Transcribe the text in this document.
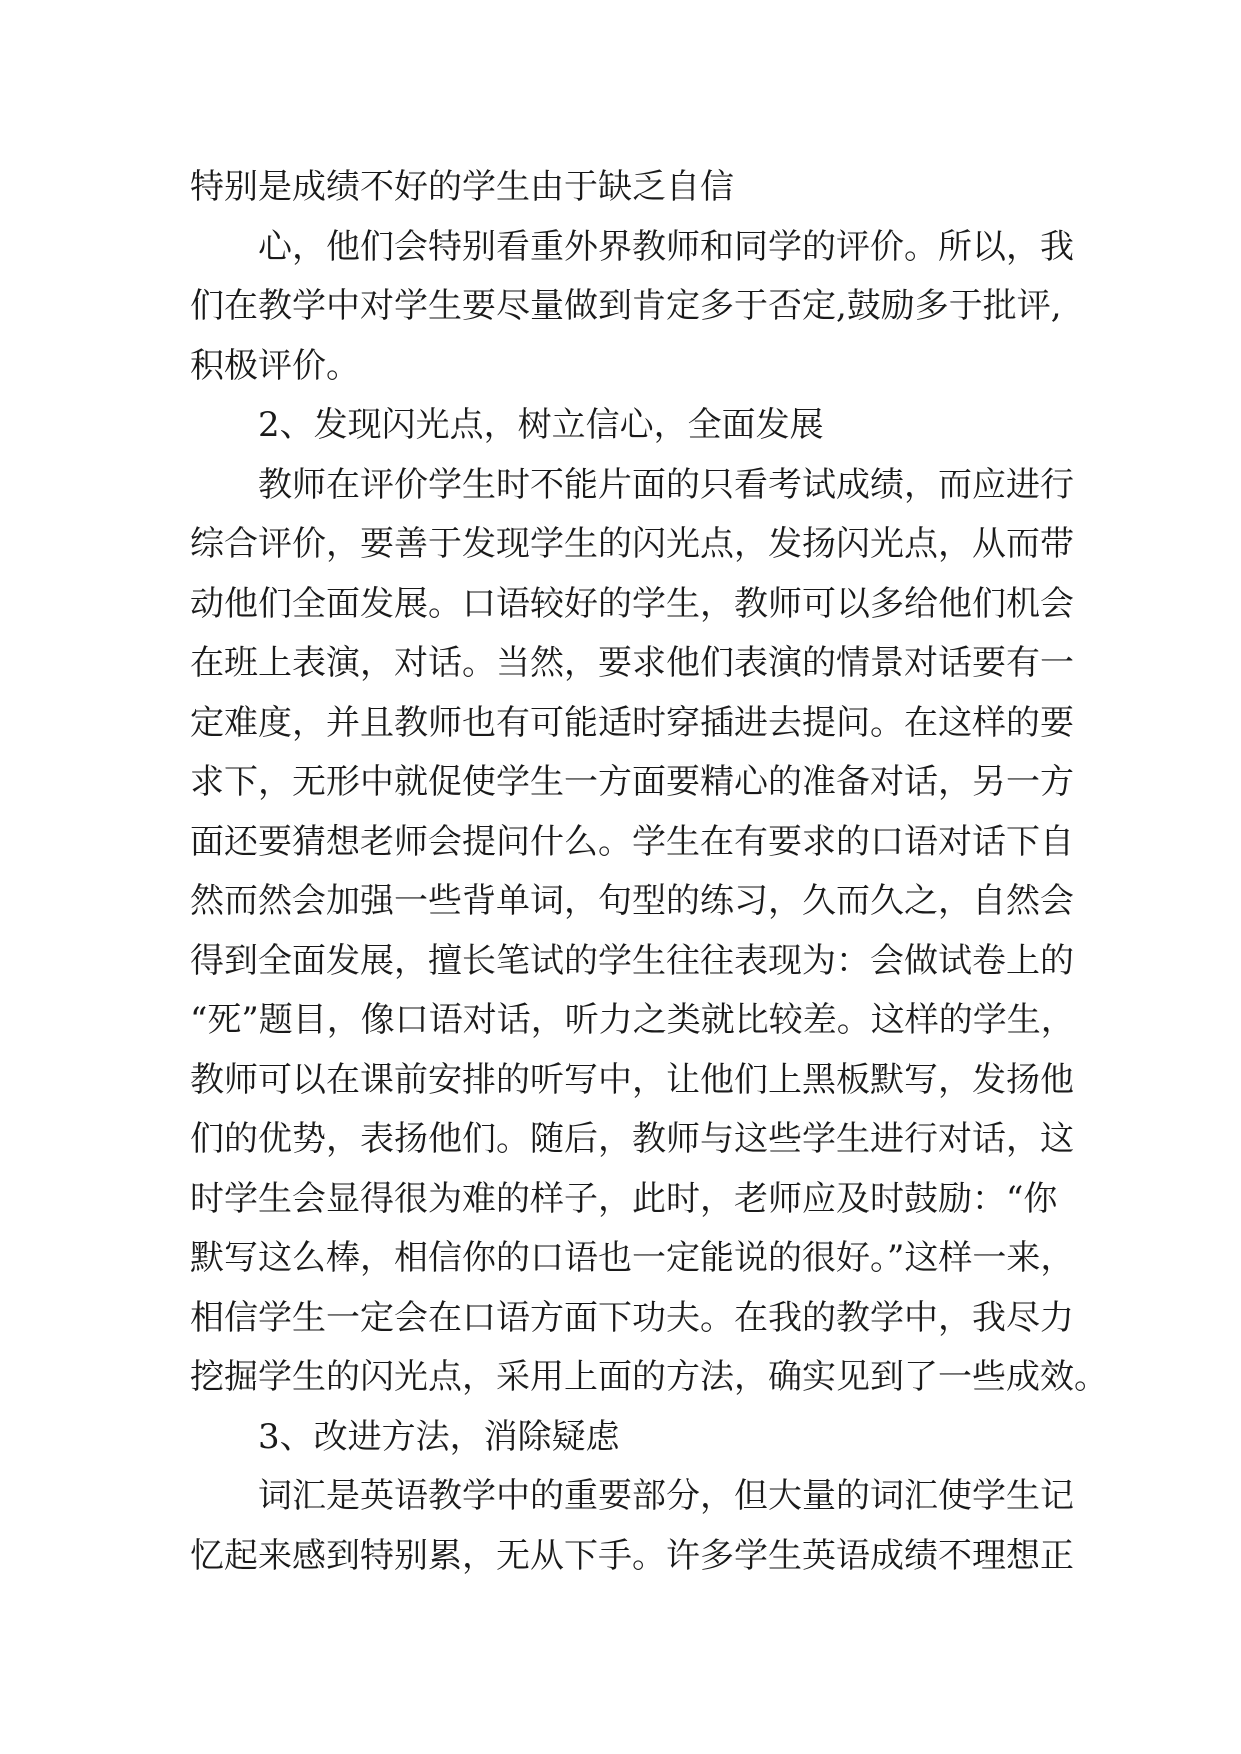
特别是成绩不好的学生由于缺乏自信
心，他们会特别看重外界教师和同学的评价。所以，我
们在教学中对学生要尽量做到肯定多于否定,鼓励多于批评,
积极评价。
2、发现闪光点，树立信心，全面发展
教师在评价学生时不能片面的只看考试成绩，而应进行
综合评价，要善于发现学生的闪光点，发扬闪光点，从而带
动他们全面发展。口语较好的学生，教师可以多给他们机会
在班上表演，对话。当然，要求他们表演的情景对话要有一
定难度，并且教师也有可能适时穿插进去提问。在这样的要
求下，无形中就促使学生一方面要精心的准备对话，另一方
面还要猜想老师会提问什么。学生在有要求的口语对话下自
然而然会加强一些背单词，句型的练习，久而久之，自然会
得到全面发展，擅长笔试的学生往往表现为：会做试卷上的
“死”题目，像口语对话，听力之类就比较差。这样的学生，
教师可以在课前安排的听写中，让他们上黑板默写，发扬他
们的优势，表扬他们。随后，教师与这些学生进行对话，这
时学生会显得很为难的样子，此时，老师应及时鼓励：“你
默写这么棒，相信你的口语也一定能说的很好。”这样一来，
相信学生一定会在口语方面下功夫。在我的教学中，我尽力
挖掘学生的闪光点，采用上面的方法，确实见到了一些成效。
3、改进方法，消除疑虑
词汇是英语教学中的重要部分，但大量的词汇使学生记
忆起来感到特别累，无从下手。许多学生英语成绩不理想正
